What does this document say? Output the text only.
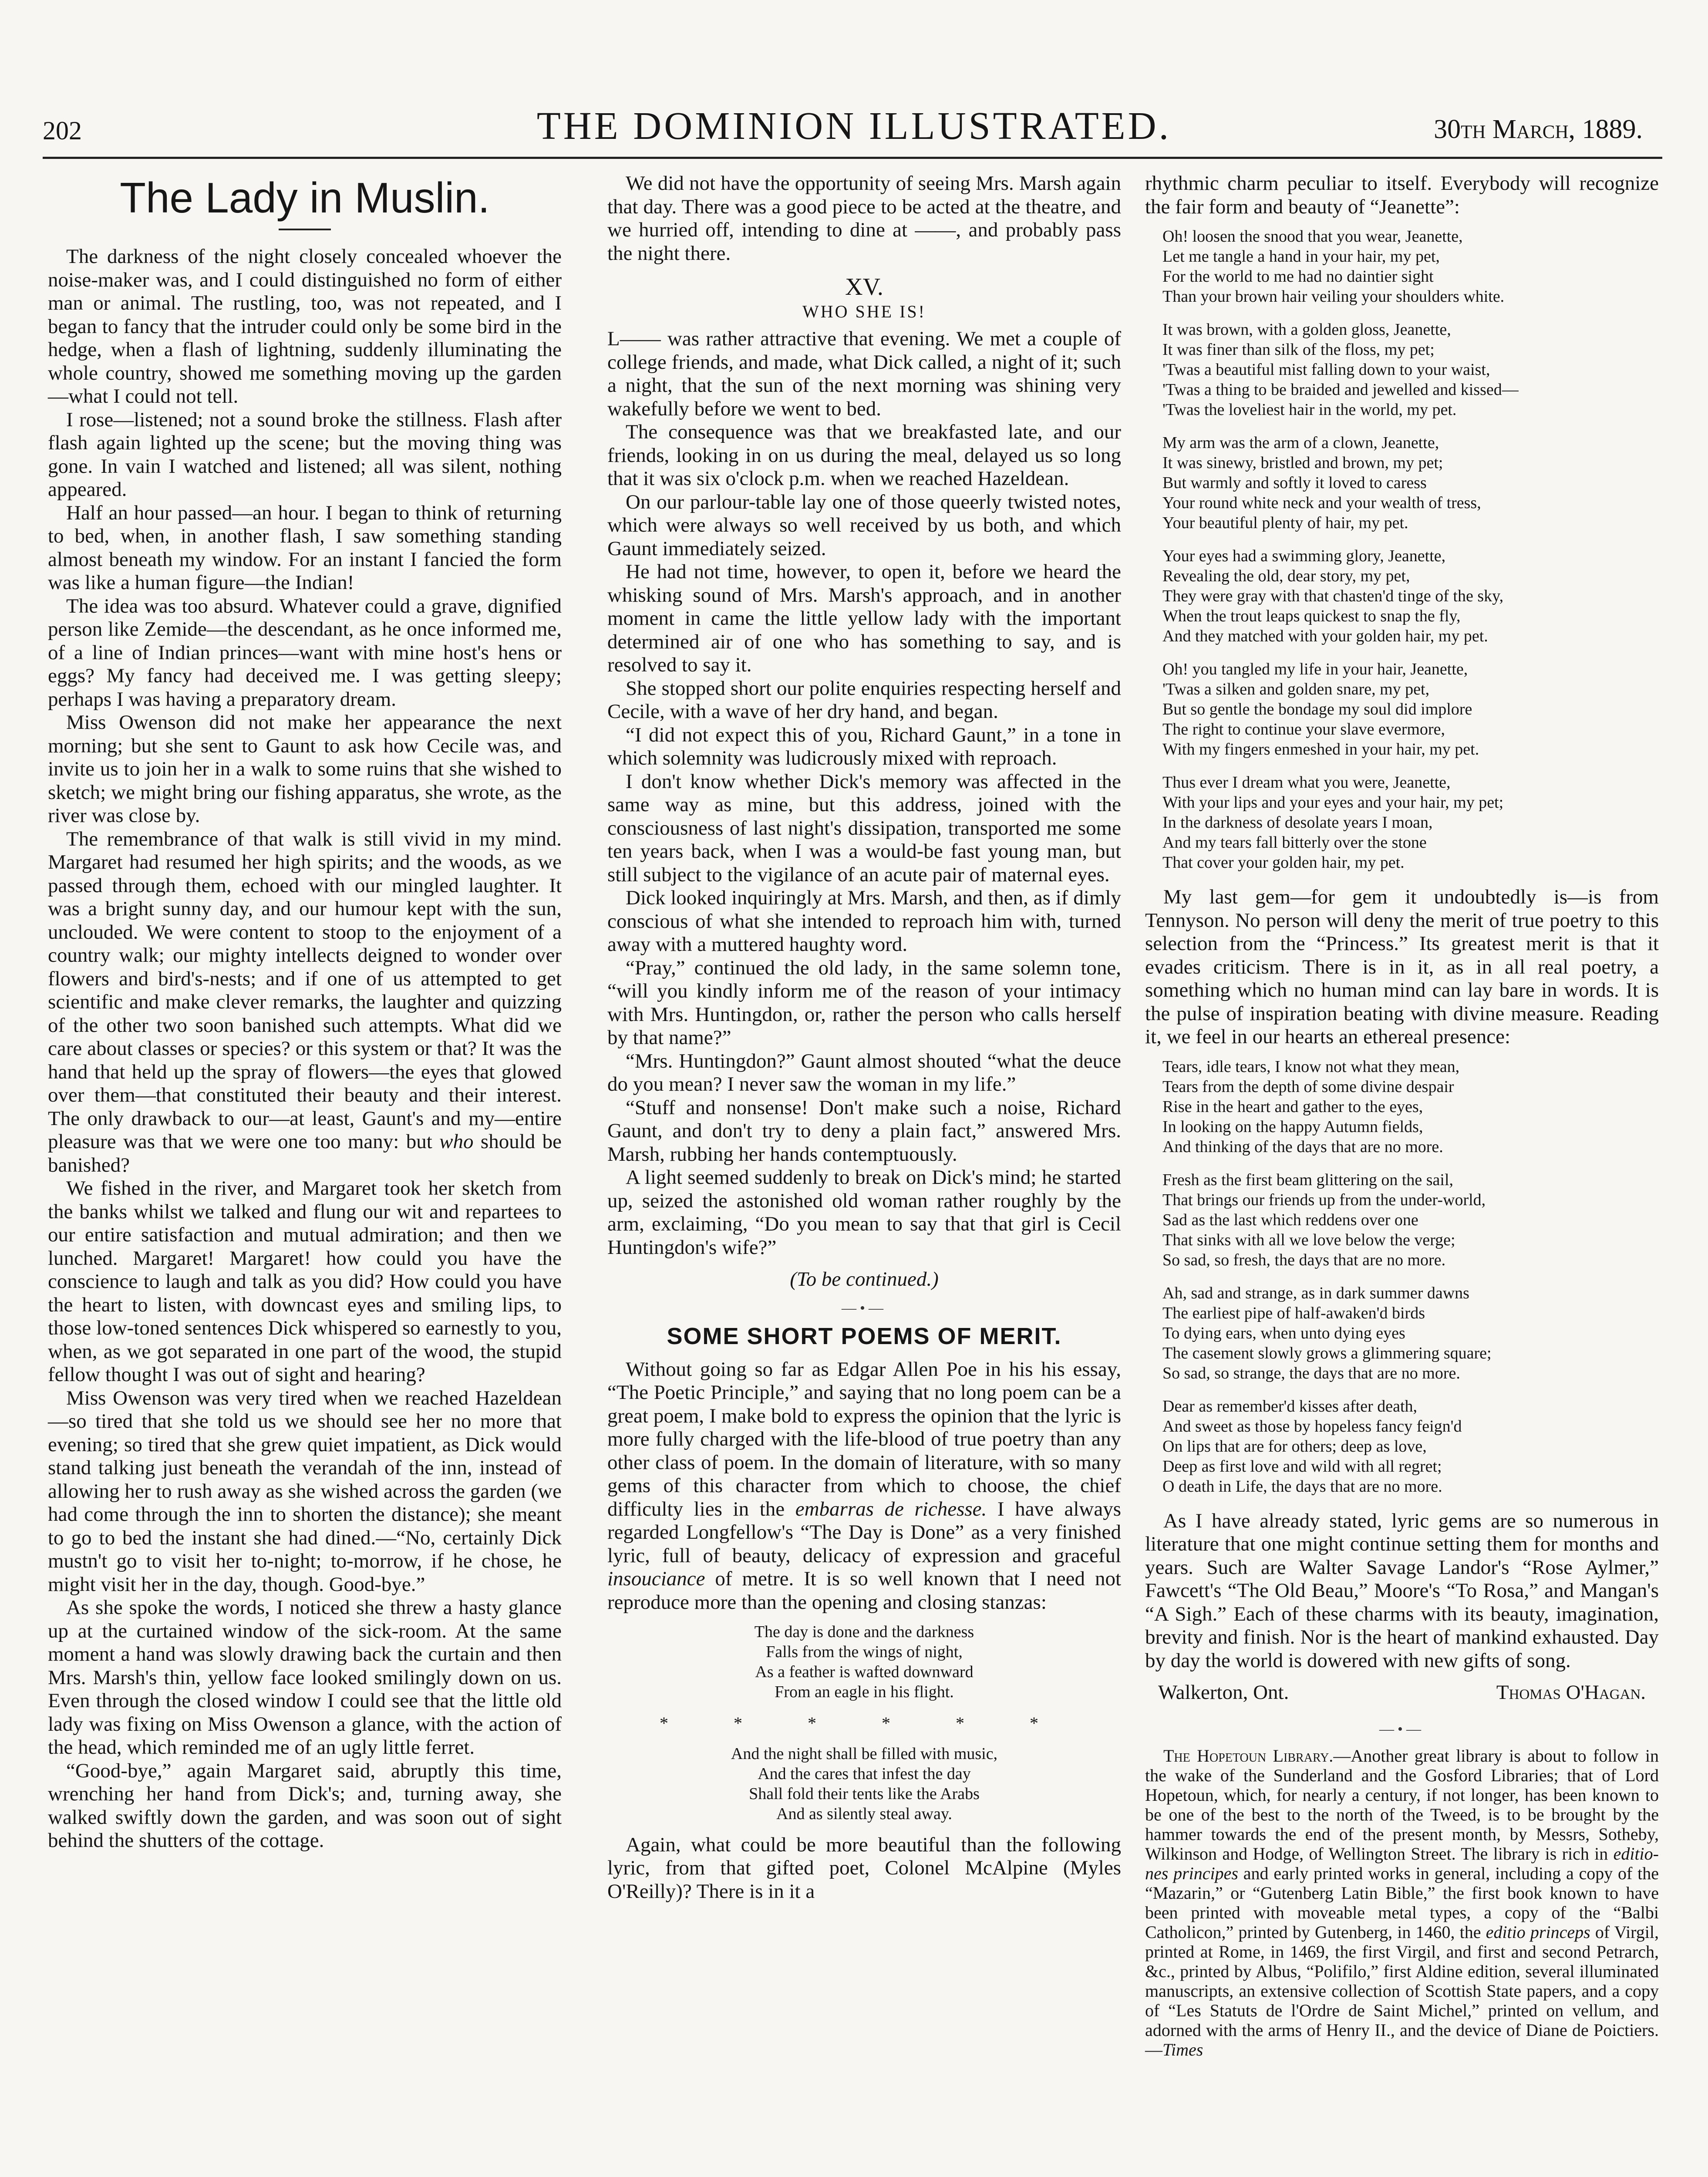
202	THE DOMINION ILLUSTRATED.	30th March, 1889.
The Lady in Muslin.

The darkness of the night closely concealed whoever the noise-maker was, and I could distinguished no form of either man or animal. The rustling, too, was not repeated, and I began to fancy that the intruder could only be some bird in the hedge, when a flash of lightning, suddenly illuminating the whole country, showed me something moving up the garden—what I could not tell.

I rose—listened; not a sound broke the stillness. Flash after flash again lighted up the scene; but the moving thing was gone. In vain I watched and listened; all was silent, nothing appeared.

Half an hour passed—an hour. I began to think of returning to bed, when, in another flash, I saw something standing almost beneath my window. For an instant I fancied the form was like a human figure—the Indian!

The idea was too absurd. Whatever could a grave, dignified person like Zemide—the descendant, as he once informed me, of a line of Indian princes—want with mine host's hens or eggs? My fancy had deceived me. I was getting sleepy; perhaps I was having a preparatory dream.

Miss Owenson did not make her appearance the next morning; but she sent to Gaunt to ask how Cecile was, and invite us to join her in a walk to some ruins that she wished to sketch; we might bring our fishing apparatus, she wrote, as the river was close by.

The remembrance of that walk is still vivid in my mind. Margaret had resumed her high spirits; and the woods, as we passed through them, echoed with our mingled laughter. It was a bright sunny day, and our humour kept with the sun, unclouded. We were content to stoop to the enjoyment of a country walk; our mighty intellects deigned to wonder over flowers and bird's-nests; and if one of us attempted to get scientific and make clever remarks, the laughter and quizzing of the other two soon banished such attempts. What did we care about classes or species? or this system or that? It was the hand that held up the spray of flowers—the eyes that glowed over them—that constituted their beauty and their interest. The only drawback to our—at least, Gaunt's and my—entire pleasure was that we were one too many: but who should be banished?

We fished in the river, and Margaret took her sketch from the banks whilst we talked and flung our wit and repartees to our entire satisfaction and mutual admiration; and then we lunched. Margaret! Margaret! how could you have the conscience to laugh and talk as you did? How could you have the heart to listen, with downcast eyes and smiling lips, to those low-toned sentences Dick whispered so earnestly to you, when, as we got separated in one part of the wood, the stupid fellow thought I was out of sight and hearing?

Miss Owenson was very tired when we reached Hazeldean—so tired that she told us we should see her no more that evening; so tired that she grew quiet impatient, as Dick would stand talking just beneath the verandah of the inn, instead of allowing her to rush away as she wished across the garden (we had come through the inn to shorten the distance); she meant to go to bed the instant she had dined.—“No, certainly Dick mustn't go to visit her to-night; to-morrow, if he chose, he might visit her in the day, though. Good-bye.”

As she spoke the words, I noticed she threw a hasty glance up at the curtained window of the sick-room. At the same moment a hand was slowly drawing back the curtain and then Mrs. Marsh's thin, yellow face looked smilingly down on us. Even through the closed window I could see that the little old lady was fixing on Miss Owenson a glance, with the action of the head, which reminded me of an ugly little ferret.

“Good-bye,” again Margaret said, abruptly this time, wrenching her hand from Dick's; and, turning away, she walked swiftly down the garden, and was soon out of sight behind the shutters of the cottage.

We did not have the opportunity of seeing Mrs. Marsh again that day. There was a good piece to be acted at the theatre, and we hurried off, intending to dine at ——, and probably pass the night there.

XV.
WHO SHE IS!

L—— was rather attractive that evening. We met a couple of college friends, and made, what Dick called, a night of it; such a night, that the sun of the next morning was shining very wakefully before we went to bed.

The consequence was that we breakfasted late, and our friends, looking in on us during the meal, delayed us so long that it was six o'clock p.m. when we reached Hazeldean.

On our parlour-table lay one of those queerly twisted notes, which were always so well received by us both, and which Gaunt immediately seized.

He had not time, however, to open it, before we heard the whisking sound of Mrs. Marsh's approach, and in another moment in came the little yellow lady with the important determined air of one who has something to say, and is resolved to say it.

She stopped short our polite enquiries respecting herself and Cecile, with a wave of her dry hand, and began.

“I did not expect this of you, Richard Gaunt,” in a tone in which solemnity was ludicrously mixed with reproach.

I don't know whether Dick's memory was affected in the same way as mine, but this address, joined with the consciousness of last night's dissipation, transported me some ten years back, when I was a would-be fast young man, but still subject to the vigilance of an acute pair of maternal eyes.

Dick looked inquiringly at Mrs. Marsh, and then, as if dimly conscious of what she intended to reproach him with, turned away with a muttered haughty word.

“Pray,” continued the old lady, in the same solemn tone, “will you kindly inform me of the reason of your intimacy with Mrs. Huntingdon, or, rather the person who calls herself by that name?”

“Mrs. Huntingdon?” Gaunt almost shouted “what the deuce do you mean? I never saw the woman in my life.”

“Stuff and nonsense! Don't make such a noise, Richard Gaunt, and don't try to deny a plain fact,” answered Mrs. Marsh, rubbing her hands contemptuously.

A light seemed suddenly to break on Dick's mind; he started up, seized the astonished old woman rather roughly by the arm, exclaiming, “Do you mean to say that that girl is Cecil Huntingdon's wife?”

(To be continued.)
—•—
SOME SHORT POEMS OF MERIT.

Without going so far as Edgar Allen Poe in his his essay, “The Poetic Principle,” and saying that no long poem can be a great poem, I make bold to express the opinion that the lyric is more fully charged with the life-blood of true poetry than any other class of poem. In the domain of literature, with so many gems of this character from which to choose, the chief difficulty lies in the embarras de richesse. I have always regarded Longfellow's “The Day is Done” as a very finished lyric, full of beauty, delicacy of expression and graceful insouciance of metre. It is so well known that I need not reproduce more than the opening and closing stanzas:

The day is done and the darkness
Falls from the wings of night,
As a feather is wafted downward
From an eagle in his flight.
* * * * * *
And the night shall be filled with music,
And the cares that infest the day
Shall fold their tents like the Arabs
And as silently steal away.

Again, what could be more beautiful than the following lyric, from that gifted poet, Colonel McAlpine (Myles O'Reilly)? There is in it a

rhythmic charm peculiar to itself. Everybody will recognize the fair form and beauty of “Jeanette”:

Oh! loosen the snood that you wear, Jeanette,
Let me tangle a hand in your hair, my pet,
For the world to me had no daintier sight
Than your brown hair veiling your shoulders white.
It was brown, with a golden gloss, Jeanette,
It was finer than silk of the floss, my pet;
'Twas a beautiful mist falling down to your waist,
'Twas a thing to be braided and jewelled and kissed—
'Twas the loveliest hair in the world, my pet.
My arm was the arm of a clown, Jeanette,
It was sinewy, bristled and brown, my pet;
But warmly and softly it loved to caress
Your round white neck and your wealth of tress,
Your beautiful plenty of hair, my pet.
Your eyes had a swimming glory, Jeanette,
Revealing the old, dear story, my pet,
They were gray with that chasten'd tinge of the sky,
When the trout leaps quickest to snap the fly,
And they matched with your golden hair, my pet.
Oh! you tangled my life in your hair, Jeanette,
'Twas a silken and golden snare, my pet,
But so gentle the bondage my soul did implore
The right to continue your slave evermore,
With my fingers enmeshed in your hair, my pet.
Thus ever I dream what you were, Jeanette,
With your lips and your eyes and your hair, my pet;
In the darkness of desolate years I moan,
And my tears fall bitterly over the stone
That cover your golden hair, my pet.

My last gem—for gem it undoubtedly is—is from Tennyson. No person will deny the merit of true poetry to this selection from the “Princess.” Its greatest merit is that it evades criticism. There is in it, as in all real poetry, a something which no human mind can lay bare in words. It is the pulse of inspiration beating with divine measure. Reading it, we feel in our hearts an ethereal presence:

Tears, idle tears, I know not what they mean,
Tears from the depth of some divine despair
Rise in the heart and gather to the eyes,
In looking on the happy Autumn fields,
And thinking of the days that are no more.
Fresh as the first beam glittering on the sail,
That brings our friends up from the under-world,
Sad as the last which reddens over one
That sinks with all we love below the verge;
So sad, so fresh, the days that are no more.
Ah, sad and strange, as in dark summer dawns
The earliest pipe of half-awaken'd birds
To dying ears, when unto dying eyes
The casement slowly grows a glimmering square;
So sad, so strange, the days that are no more.
Dear as remember'd kisses after death,
And sweet as those by hopeless fancy feign'd
On lips that are for others; deep as love,
Deep as first love and wild with all regret;
O death in Life, the days that are no more.

As I have already stated, lyric gems are so numerous in literature that one might continue setting them for months and years. Such are Walter Savage Landor's “Rose Aylmer,” Fawcett's “The Old Beau,” Moore's “To Rosa,” and Mangan's “A Sigh.” Each of these charms with its beauty, imagination, brevity and finish. Nor is the heart of mankind exhausted. Day by day the world is dowered with new gifts of song.

Walkerton, Ont.	Thomas O'Hagan.
—•—

The Hopetoun Library.—Another great library is about to follow in the wake of the Sunderland and the Gosford Libraries; that of Lord Hopetoun, which, for nearly a century, if not longer, has been known to be one of the best to the north of the Tweed, is to be brought by the hammer towards the end of the present month, by Messrs, Sotheby, Wilkinson and Hodge, of Wellington Street. The library is rich in editiones principes and early printed works in general, including a copy of the “Mazarin,” or “Gutenberg Latin Bible,” the first book known to have been printed with moveable metal types, a copy of the “Balbi Catholicon,” printed by Gutenberg, in 1460, the editio princeps of Virgil, printed at Rome, in 1469, the first Virgil, and first and second Petrarch, &c., printed by Albus, “Polifilo,” first Aldine edition, several illuminated manuscripts, an extensive collection of Scottish State papers, and a copy of “Les Statuts de l'Ordre de Saint Michel,” printed on vellum, and adorned with the arms of Henry II., and the device of Diane de Poictiers.—Times
